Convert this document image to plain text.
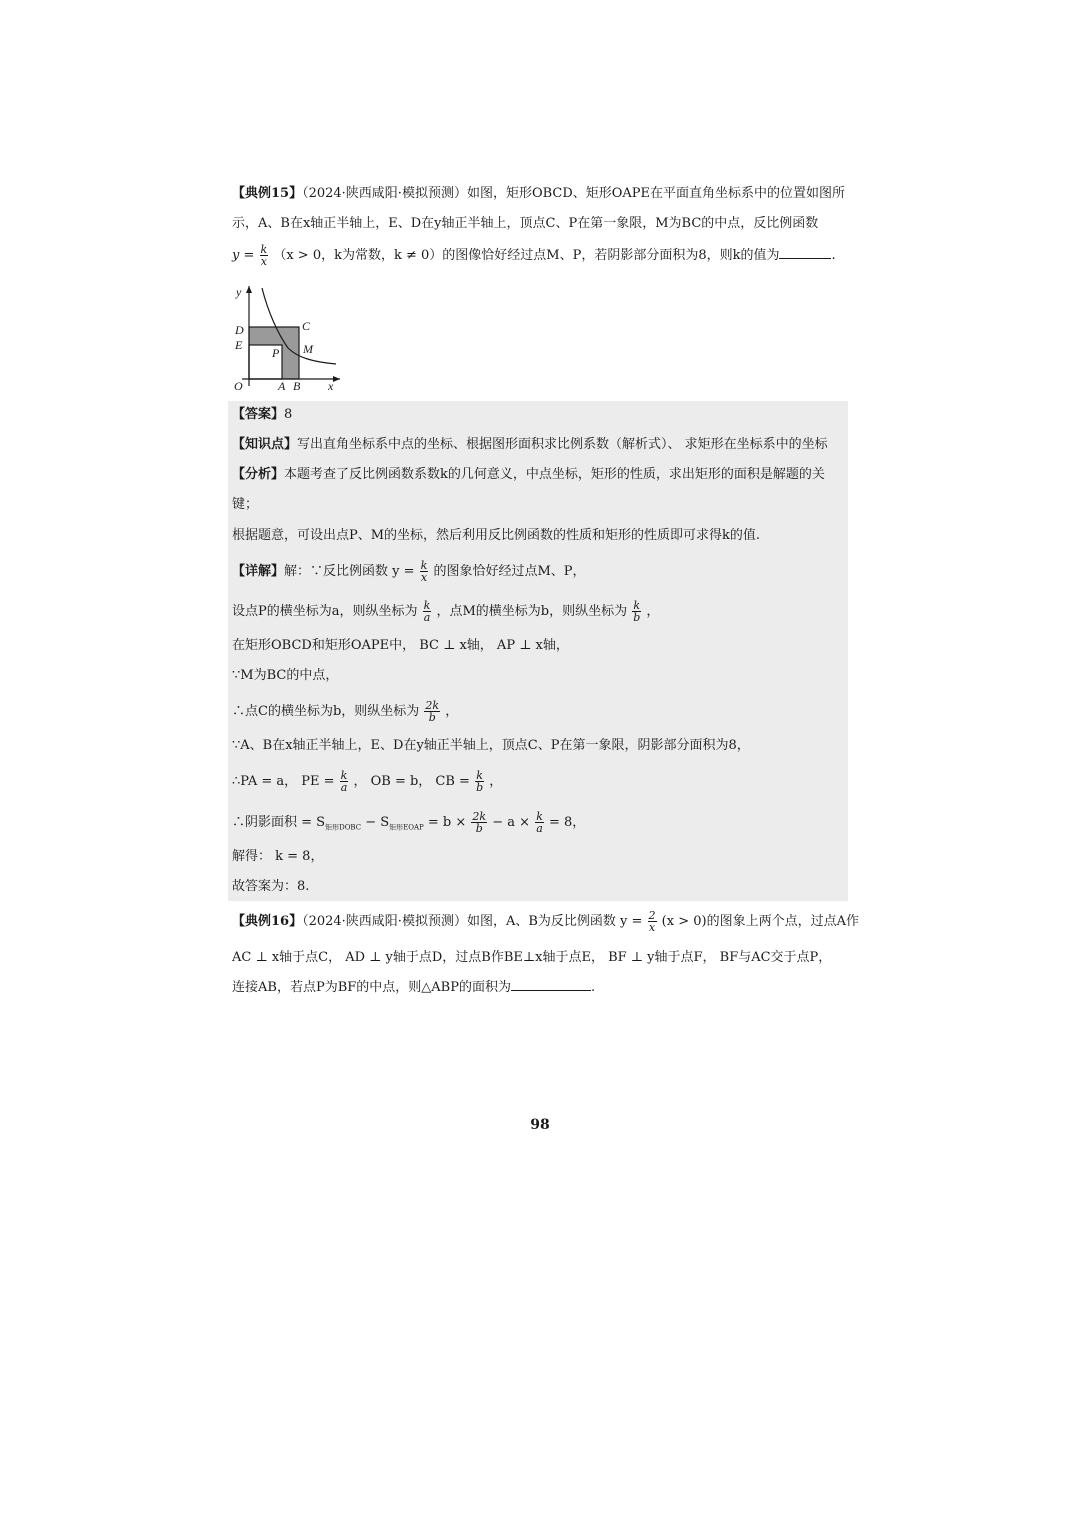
【典例15】（2024·陕西咸阳·模拟预测）如图，矩形OBCD、矩形OAPE在平面直角坐标系中的位置如图所
示，A、B在x轴正半轴上，E、D在y轴正半轴上，顶点C、P在第一象限，M为BC的中点，反比例函数
$y = \frac{k}{x} (x > 0$，k为常数，k ≠ 0）的图像恰好经过点M、P，若阴影部分面积为8，则k的值为	.
y
D
E
C
M
P
O	A B x
【答案】8
【知识点】写出直角坐标系中点的坐标、根据图形面积求比例系数（解析式）、 求矩形在坐标系中的坐标
【分析】本题考查了反比例函数系数k的几何意义，中点坐标，矩形的性质，求出矩形的面积是解题的关
键；
根据题意，可设出点P、M的坐标，然后利用反比例函数的性质和矩形的性质即可求得k的值.
【详解】解：∵反比例函数 $y = \frac{k}{x}$ 的图象恰好经过点M、P，
设点P的横坐标为a，则纵坐标为 $\frac{k}{a}$ ，点M的横坐标为b，则纵坐标为 $\frac{k}{b}$ ，
在矩形OBCD和矩形OAPE中， BC ⊥ x轴， AP ⊥ x轴，
∵M为BC的中点，
∴点C的横坐标为b，则纵坐标为 $\frac{2k}{b}$ ，
∵A、B在x轴正半轴上，E、D在y轴正半轴上，顶点C、P在第一象限，阴影部分面积为8，
∴PA = a， PE = $\frac{k}{a}$ ， OB = b， CB = $\frac{k}{b}$ ，
∴阴影面积 = $S_{矩形DOBC} - S_{矩形EOAP} = b \times \frac{2k}{b} - a \times \frac{k}{a} = 8$，
解得： k = 8，
故答案为：8.
【典例16】（2024·陕西咸阳·模拟预测）如图，A、B为反比例函数 $y = \frac{2}{x} (x > 0)$的图象上两个点，过点A作
AC ⊥ x轴于点C， AD ⊥ y轴于点D，过点B作BE⊥x轴于点E， BF ⊥ y轴于点F， BF与AC交于点P，
连接AB，若点P为BF的中点，则△ABP的面积为	.
98
